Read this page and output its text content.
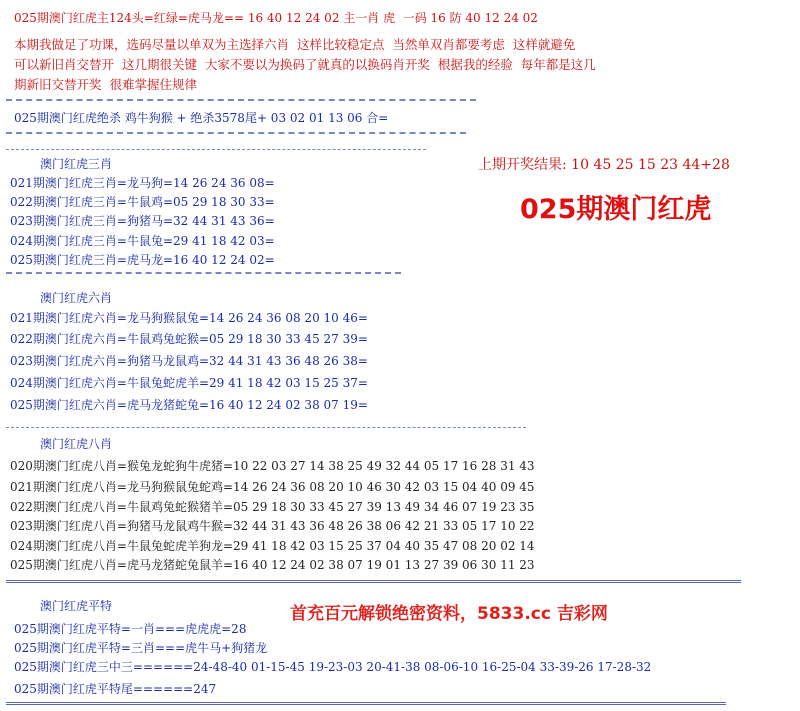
025期澳门红虎主124头=红绿=虎马龙== 16 40 12 24 02 主一肖 虎  一码 16 防 40 12 24 02
本期我做足了功课，选码尽量以单双为主选择六肖  这样比较稳定点  当然单双肖都要考虑  这样就避免
可以新旧肖交替开  这几期很关键  大家不要以为换码了就真的以换码肖开奖  根据我的经验  每年都是这几
期新旧交替开奖  很难掌握住规律
025期澳门红虎绝杀 鸡牛狗猴 + 绝杀3578尾+ 03 02 01 13 06 合=
上期开奖结果: 10 45 25 15 23 44+28
025期澳门红虎
澳门红虎三肖
021期澳门红虎三肖=龙马狗=14 26 24 36 08=
022期澳门红虎三肖=牛鼠鸡=05 29 18 30 33=
023期澳门红虎三肖=狗猪马=32 44 31 43 36=
024期澳门红虎三肖=牛鼠兔=29 41 18 42 03=
025期澳门红虎三肖=虎马龙=16 40 12 24 02=
澳门红虎六肖
021期澳门红虎六肖=龙马狗猴鼠兔=14 26 24 36 08 20 10 46=
022期澳门红虎六肖=牛鼠鸡兔蛇猴=05 29 18 30 33 45 27 39=
023期澳门红虎六肖=狗猪马龙鼠鸡=32 44 31 43 36 48 26 38=
024期澳门红虎六肖=牛鼠兔蛇虎羊=29 41 18 42 03 15 25 37=
025期澳门红虎六肖=虎马龙猪蛇兔=16 40 12 24 02 38 07 19=
澳门红虎八肖
020期澳门红虎八肖=猴兔龙蛇狗牛虎猪=10 22 03 27 14 38 25 49 32 44 05 17 16 28 31 43
021期澳门红虎八肖=龙马狗猴鼠兔蛇鸡=14 26 24 36 08 20 10 46 30 42 03 15 04 40 09 45
022期澳门红虎八肖=牛鼠鸡兔蛇猴猪羊=05 29 18 30 33 45 27 39 13 49 34 46 07 19 23 35
023期澳门红虎八肖=狗猪马龙鼠鸡牛猴=32 44 31 43 36 48 26 38 06 42 21 33 05 17 10 22
024期澳门红虎八肖=牛鼠兔蛇虎羊狗龙=29 41 18 42 03 15 25 37 04 40 35 47 08 20 02 14
025期澳门红虎八肖=虎马龙猪蛇兔鼠羊=16 40 12 24 02 38 07 19 01 13 27 39 06 30 11 23
澳门红虎平特
025期澳门红虎平特=一肖===虎虎虎=28
025期澳门红虎平特=三肖===虎牛马+狗猪龙
025期澳门红虎三中三======24-48-40 01-15-45 19-23-03 20-41-38 08-06-10 16-25-04 33-39-26 17-28-32
025期澳门红虎平特尾======247
首充百元解锁绝密资料，5833.cc 吉彩网
